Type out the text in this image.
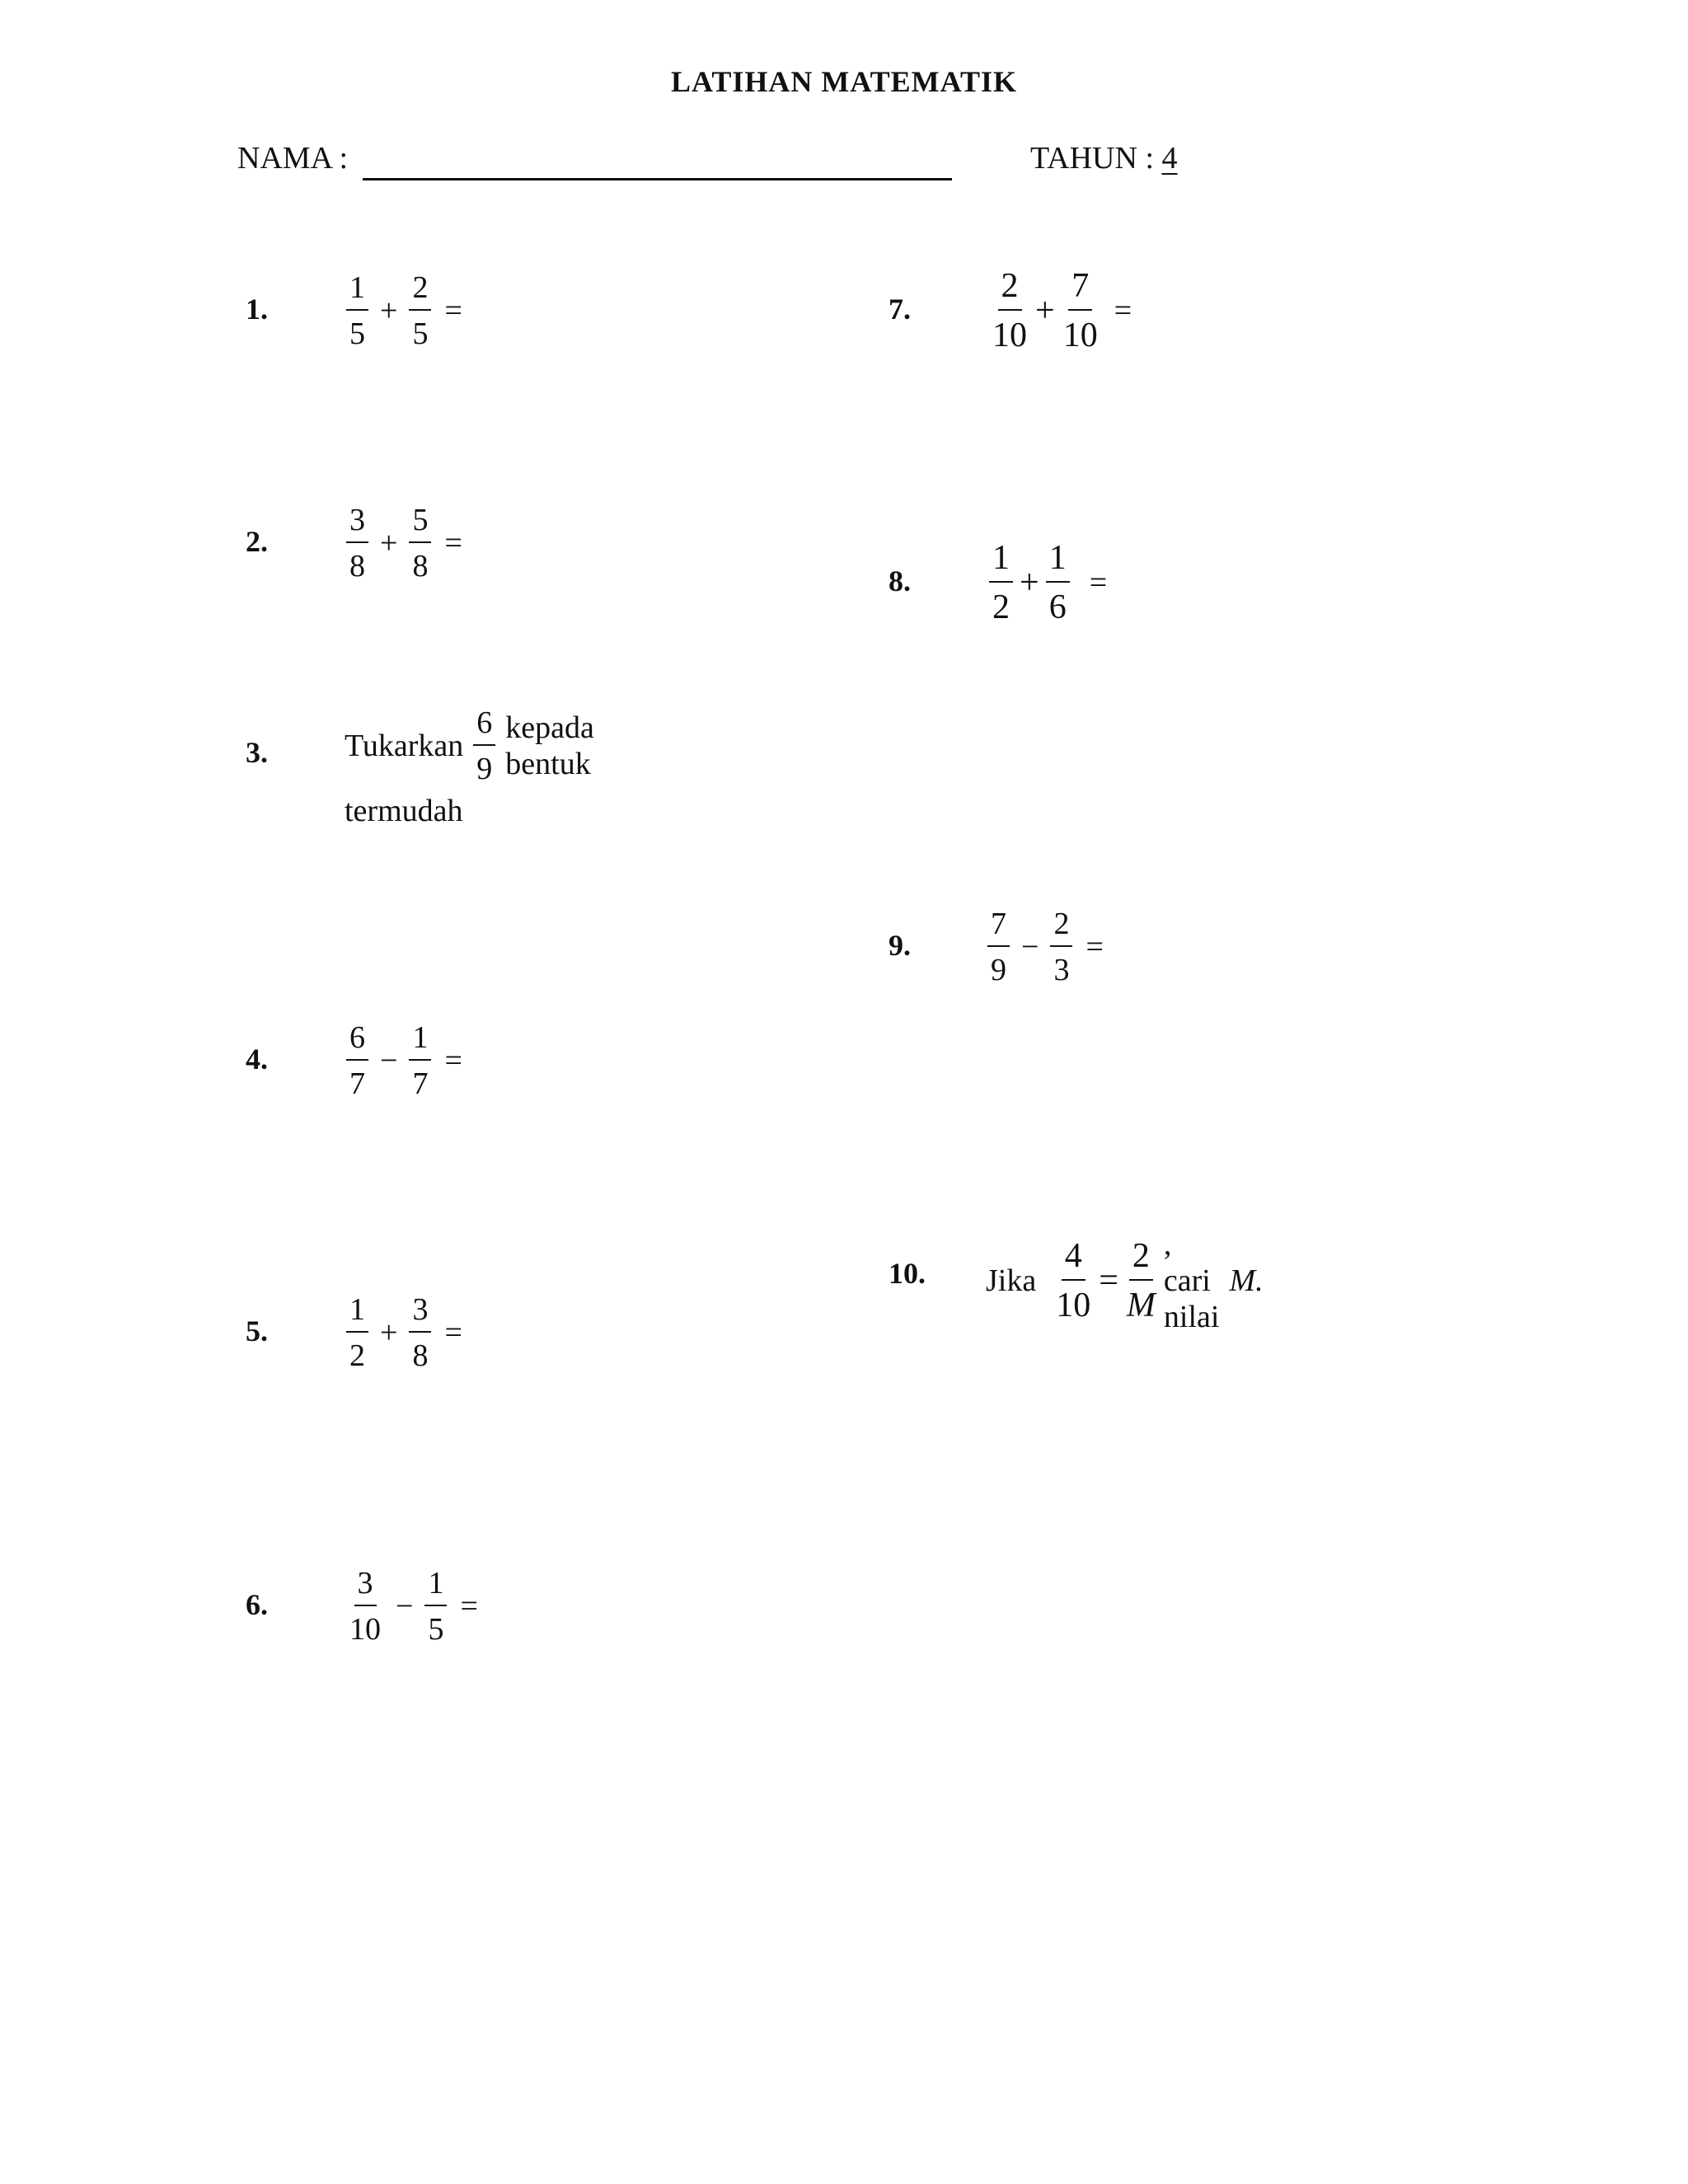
LATIHAN MATEMATIK
NAMA :	TAHUN : 4
1.	$\frac{1}{5} + \frac{2}{5}$ =
2.	$\frac{3}{8} + \frac{5}{8}$ =
3. Tukarkan $\frac{6}{9}$ kepada bentuk
termudah
4.	$\frac{6}{7} - \frac{1}{7}$ =
5.	$\frac{1}{2} + \frac{3}{8}$ =
6.	$\frac{3}{10} - \frac{1}{5}$ =
7. $\frac{2}{10} + \frac{7}{10}$ =
8. $\frac{1}{2} + \frac{1}{6}$ =
9. $\frac{7}{9} - \frac{2}{3}$ =
10. Jika $\frac{4}{10} = \frac{2}{M}$ , cari nilai
M.
